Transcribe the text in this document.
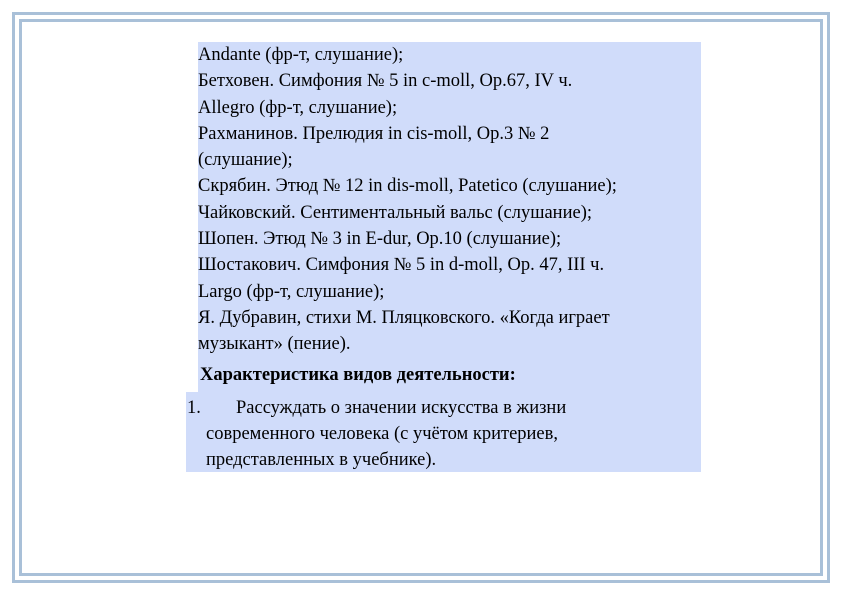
Andante (фр-т, слушание);
Бетховен. Симфония № 5 in c-moll, Op.67, IV ч.
Allegro (фр-т, слушание);
Рахманинов. Прелюдия in cis-moll, Op.3 № 2
(слушание);
Скрябин. Этюд № 12 in dis-moll, Patetico (слушание);
Чайковский. Сентиментальный вальс (слушание);
Шопен. Этюд № 3 in E-dur, Op.10 (слушание);
Шостакович. Симфония № 5 in d-moll, Op. 47, III ч.
Largo (фр-т, слушание);
Я. Дубравин, стихи М. Пляцковского. «Когда играет
музыкант» (пение).
Характеристика видов деятельности:
1. Рассуждать о значении искусства в жизни
современного человека (с учётом критериев,
представленных в учебнике).
